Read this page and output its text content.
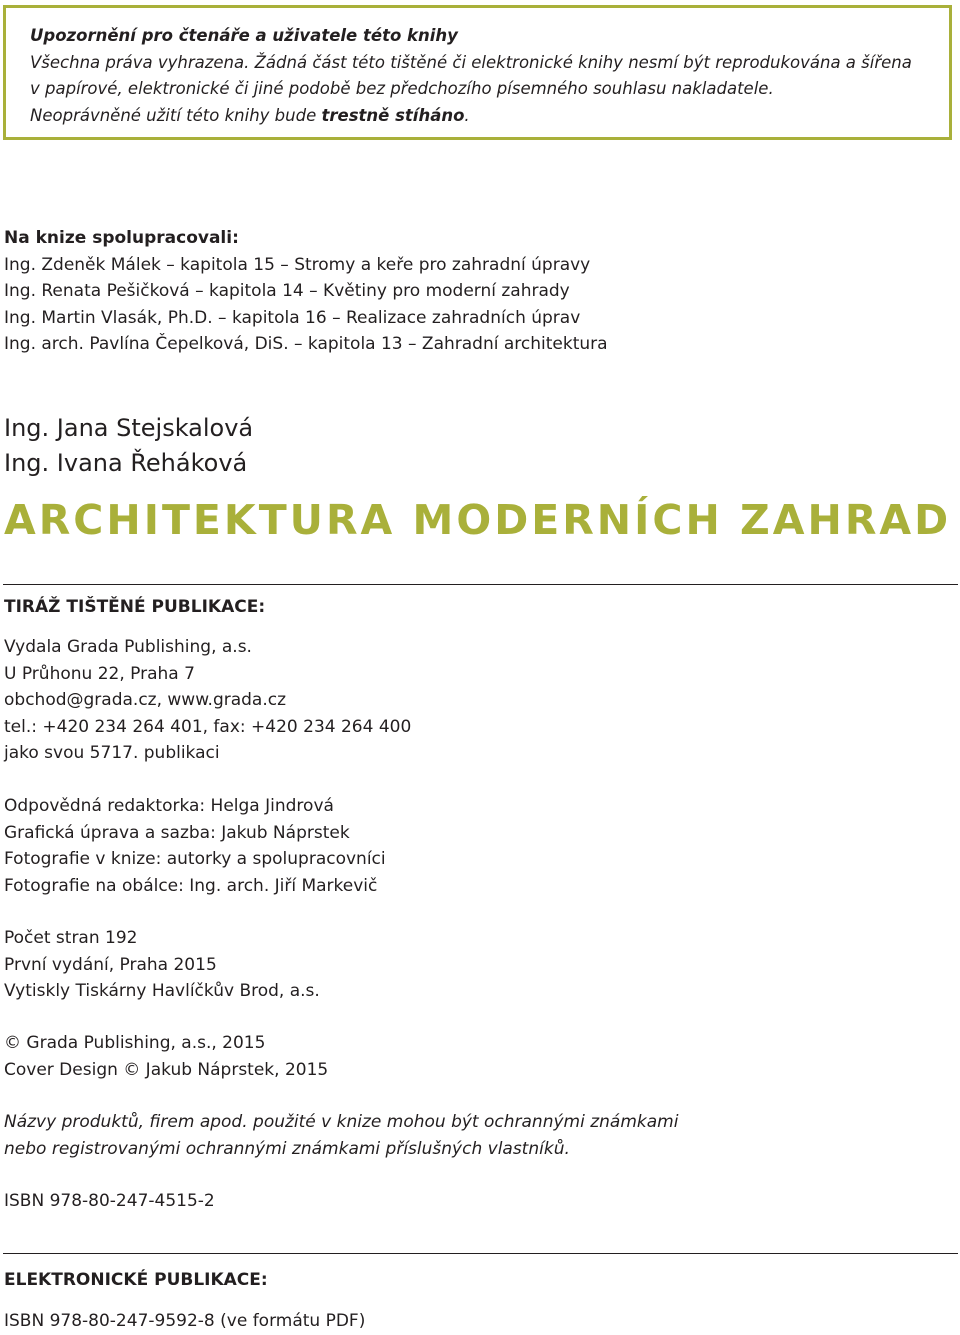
Upozornění pro čtenáře a uživatele této knihy

Všechna práva vyhrazena. Žádná část této tištěné či elektronické knihy nesmí být reprodukována a šířena

v papírové, elektronické či jiné podobě bez předchozího písemného souhlasu nakladatele.

Neoprávněné užití této knihy bude trestně stíháno.

Na knize spolupracovali:

Ing. Zdeněk Málek – kapitola 15 – Stromy a keře pro zahradní úpravy

Ing. Renata Pešičková – kapitola 14 – Květiny pro moderní zahrady

Ing. Martin Vlasák, Ph.D. – kapitola 16 – Realizace zahradních úprav

Ing. arch. Pavlína Čepelková, DiS. – kapitola 13 – Zahradní architektura

Ing. Jana Stejskalová

Ing. Ivana Řeháková

ARCHITEKTURA MODERNÍCH ZAHRAD
TIRÁŽ TIŠTĚNÉ PUBLIKACE:

Vydala Grada Publishing, a.s.

U Průhonu 22, Praha 7

obchod@grada.cz, www.grada.cz

tel.: +420 234 264 401, fax: +420 234 264 400

jako svou 5717. publikaci

Odpovědná redaktorka: Helga Jindrová

Grafická úprava a sazba: Jakub Náprstek

Fotografie v knize: autorky a spolupracovníci

Fotografie na obálce: Ing. arch. Jiří Markevič

Počet stran 192

První vydání, Praha 2015

Vytiskly Tiskárny Havlíčkův Brod, a.s.

© Grada Publishing, a.s., 2015

Cover Design © Jakub Náprstek, 2015

Názvy produktů, firem apod. použité v knize mohou být ochrannými známkami

nebo registrovanými ochrannými známkami příslušných vlastníků.

ISBN 978-80-247-4515-2

ELEKTRONICKÉ PUBLIKACE:

ISBN 978-80-247-9592-8 (ve formátu PDF)
